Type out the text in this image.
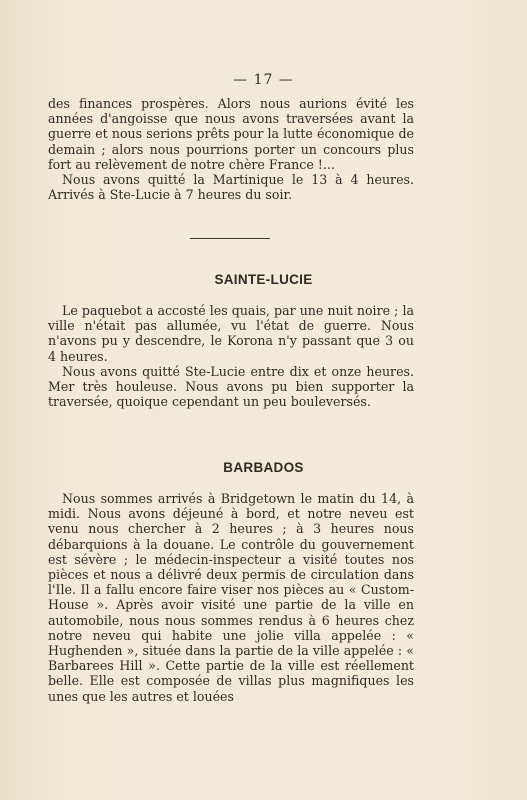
— 17 —

des finances prospères. Alors nous aurions évité les années d'angoisse que nous avons traversées avant la guerre et nous serions prêts pour la lutte économique de demain ; alors nous pourrions porter un concours plus fort au relèvement de notre chère France !...

Nous avons quitté la Martinique le 13 à 4 heures. Arrivés à Ste-Lucie à 7 heures du soir.

SAINTE-LUCIE

Le paquebot a accosté les quais, par une nuit noire ; la ville n'était pas allumée, vu l'état de guerre. Nous n'avons pu y descendre, le Korona n'y passant que 3 ou 4 heures.

Nous avons quitté Ste-Lucie entre dix et onze heures. Mer très houleuse. Nous avons pu bien supporter la traversée, quoique cependant un peu bouleversés.

BARBADOS

Nous sommes arrivés à Bridgetown le matin du 14, à midi. Nous avons déjeuné à bord, et notre neveu est venu nous chercher à 2 heures ; à 3 heures nous débarquions à la douane. Le contrôle du gouvernement est sévère ; le médecin-inspecteur a visité toutes nos pièces et nous a délivré deux permis de circulation dans l'Ile. Il a fallu encore faire viser nos pièces au « Custom-House ». Après avoir visité une partie de la ville en automobile, nous nous sommes rendus à 6 heures chez notre neveu qui habite une jolie villa appelée : « Hughenden », située dans la partie de la ville appelée : « Barbarees Hill ». Cette partie de la ville est réellement belle. Elle est composée de villas plus magnifiques les unes que les autres et louées
